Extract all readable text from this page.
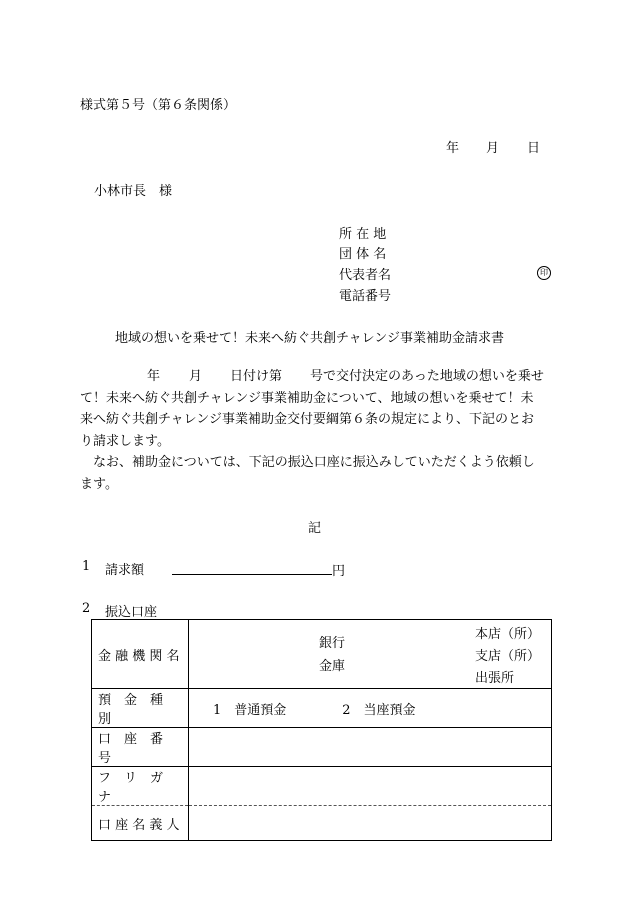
様式第５号（第６条関係）
年 月 日
小林市長　様
所 在 地
団 体 名
代表者名	印
電話番号
地域の想いを乗せて！未来へ紡ぐ共創チャレンジ事業補助金請求書
年 月 日付け第 号で交付決定のあった地域の想いを乗せ
て！未来へ紡ぐ共創チャレンジ事業補助金について、地域の想いを乗せて！未
来へ紡ぐ共創チャレンジ事業補助金交付要綱第６条の規定により、下記のとお
り請求します。
　なお、補助金については、下記の振込口座に振込みしていただくよう依頼し
ます。
記
1 請求額	円
2 振込口座
金 融 機 関 名	銀行
金庫
本店（所）
支店（所）
出張所

預　金　種　別	1　普通預金 2　当座預金
口　座　番　号	
フ　リ　ガ　ナ	
口 座 名 義 人	
